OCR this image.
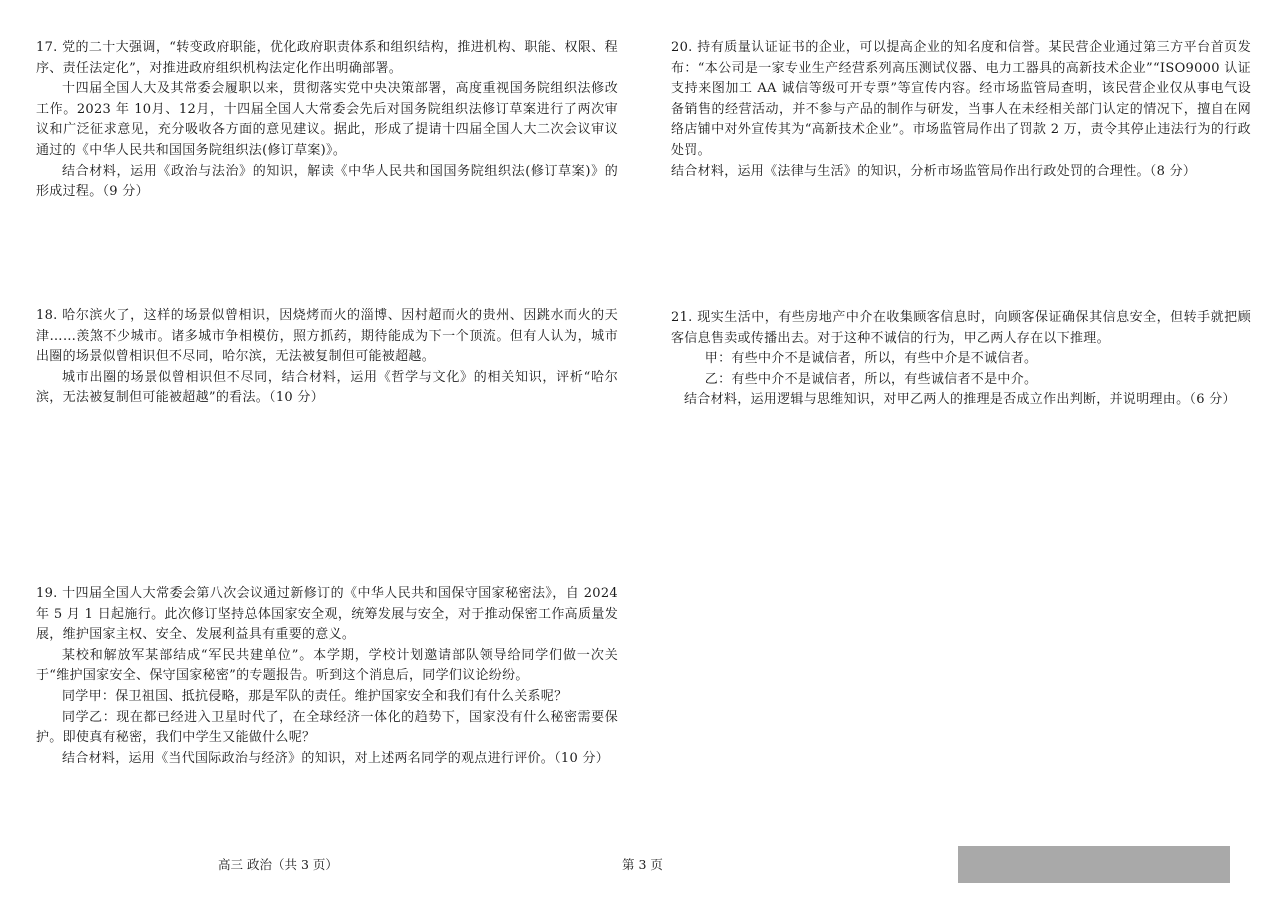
17. 党的二十大强调，“转变政府职能，优化政府职责体系和组织结构，推进机构、职能、权限、程序、责任法定化”，对推进政府组织机构法定化作出明确部署。

十四届全国人大及其常委会履职以来，贯彻落实党中央决策部署，高度重视国务院组织法修改工作。2023 年 10月、12月，十四届全国人大常委会先后对国务院组织法修订草案进行了两次审议和广泛征求意见，充分吸收各方面的意见建议。据此，形成了提请十四届全国人大二次会议审议通过的《中华人民共和国国务院组织法(修订草案)》。

结合材料，运用《政治与法治》的知识，解读《中华人民共和国国务院组织法(修订草案)》的形成过程。（9 分）

18. 哈尔滨火了，这样的场景似曾相识，因烧烤而火的淄博、因村超而火的贵州、因跳水而火的天津……羡煞不少城市。诸多城市争相模仿，照方抓药，期待能成为下一个顶流。但有人认为，城市出圈的场景似曾相识但不尽同，哈尔滨，无法被复制但可能被超越。

城市出圈的场景似曾相识但不尽同，结合材料，运用《哲学与文化》的相关知识，评析“哈尔滨，无法被复制但可能被超越”的看法。（10 分）

19. 十四届全国人大常委会第八次会议通过新修订的《中华人民共和国保守国家秘密法》，自 2024年 5 月 1 日起施行。此次修订坚持总体国家安全观，统筹发展与安全，对于推动保密工作高质量发展，维护国家主权、安全、发展利益具有重要的意义。

某校和解放军某部结成“军民共建单位”。本学期，学校计划邀请部队领导给同学们做一次关于“维护国家安全、保守国家秘密”的专题报告。听到这个消息后，同学们议论纷纷。

同学甲：保卫祖国、抵抗侵略，那是军队的责任。维护国家安全和我们有什么关系呢？

同学乙：现在都已经进入卫星时代了，在全球经济一体化的趋势下，国家没有什么秘密需要保护。即使真有秘密，我们中学生又能做什么呢？

结合材料，运用《当代国际政治与经济》的知识，对上述两名同学的观点进行评价。（10 分）

20. 持有质量认证证书的企业，可以提高企业的知名度和信誉。某民营企业通过第三方平台首页发布：“本公司是一家专业生产经营系列高压测试仪器、电力工器具的高新技术企业”“ISO9000 认证支持来图加工 AA 诚信等级可开专票”等宣传内容。经市场监管局查明，该民营企业仅从事电气设备销售的经营活动，并不参与产品的制作与研发，当事人在未经相关部门认定的情况下，擅自在网络店铺中对外宣传其为“高新技术企业”。市场监管局作出了罚款 2 万，责令其停止违法行为的行政处罚。

结合材料，运用《法律与生活》的知识，分析市场监管局作出行政处罚的合理性。（8 分）

21. 现实生活中，有些房地产中介在收集顾客信息时，向顾客保证确保其信息安全，但转手就把顾客信息售卖或传播出去。对于这种不诚信的行为，甲乙两人存在以下推理。

甲：有些中介不是诚信者，所以，有些中介是不诚信者。

乙：有些中介不是诚信者，所以，有些诚信者不是中介。

结合材料，运用逻辑与思维知识，对甲乙两人的推理是否成立作出判断，并说明理由。（6 分）

高三 政治（共 3 页）	第 3 页
